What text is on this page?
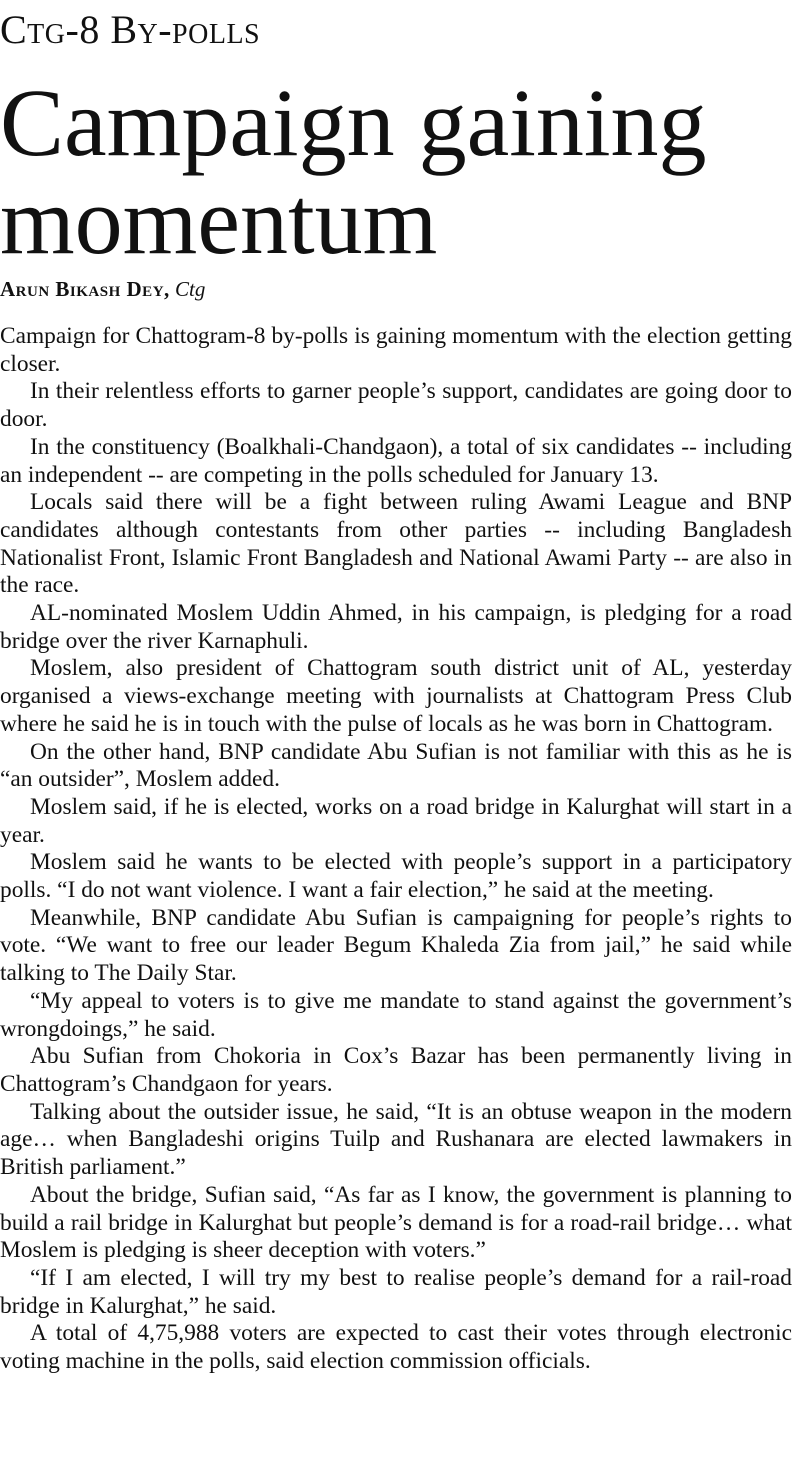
Ctg-8 By-polls
Campaign gaining momentum
Arun Bikash Dey, Ctg

Campaign for Chattogram-8 by-polls is gaining momentum with the election getting closer.

In their relentless efforts to garner people’s support, candidates are going door to door.

In the constituency (Boalkhali-Chandgaon), a total of six candidates -- including an independent -- are competing in the polls scheduled for January 13.

Locals said there will be a fight between ruling Awami League and BNP candidates although contestants from other parties -- including Bangladesh Nationalist Front, Islamic Front Bangladesh and National Awami Party -- are also in the race.

AL-nominated Moslem Uddin Ahmed, in his campaign, is pledging for a road bridge over the river Karnaphuli.

Moslem, also president of Chattogram south district unit of AL, yesterday organised a views-exchange meeting with journalists at Chattogram Press Club where he said he is in touch with the pulse of locals as he was born in Chattogram.

On the other hand, BNP candidate Abu Sufian is not familiar with this as he is “an outsider”, Moslem added.

Moslem said, if he is elected, works on a road bridge in Kalurghat will start in a year.

Moslem said he wants to be elected with people’s support in a participatory polls. “I do not want violence. I want a fair election,” he said at the meeting.

Meanwhile, BNP candidate Abu Sufian is campaigning for people’s rights to vote. “We want to free our leader Begum Khaleda Zia from jail,” he said while talking to The Daily Star.

“My appeal to voters is to give me mandate to stand against the government’s wrongdoings,” he said.

Abu Sufian from Chokoria in Cox’s Bazar has been permanently living in Chattogram’s Chandgaon for years.

Talking about the outsider issue, he said, “It is an obtuse weapon in the modern age… when Bangladeshi origins Tuilp and Rushanara are elected lawmakers in British parliament.”

About the bridge, Sufian said, “As far as I know, the government is planning to build a rail bridge in Kalurghat but people’s demand is for a road-rail bridge… what Moslem is pledging is sheer deception with voters.”

“If I am elected, I will try my best to realise people’s demand for a rail-road bridge in Kalurghat,” he said.

A total of 4,75,988 voters are expected to cast their votes through electronic voting machine in the polls, said election commission officials.
